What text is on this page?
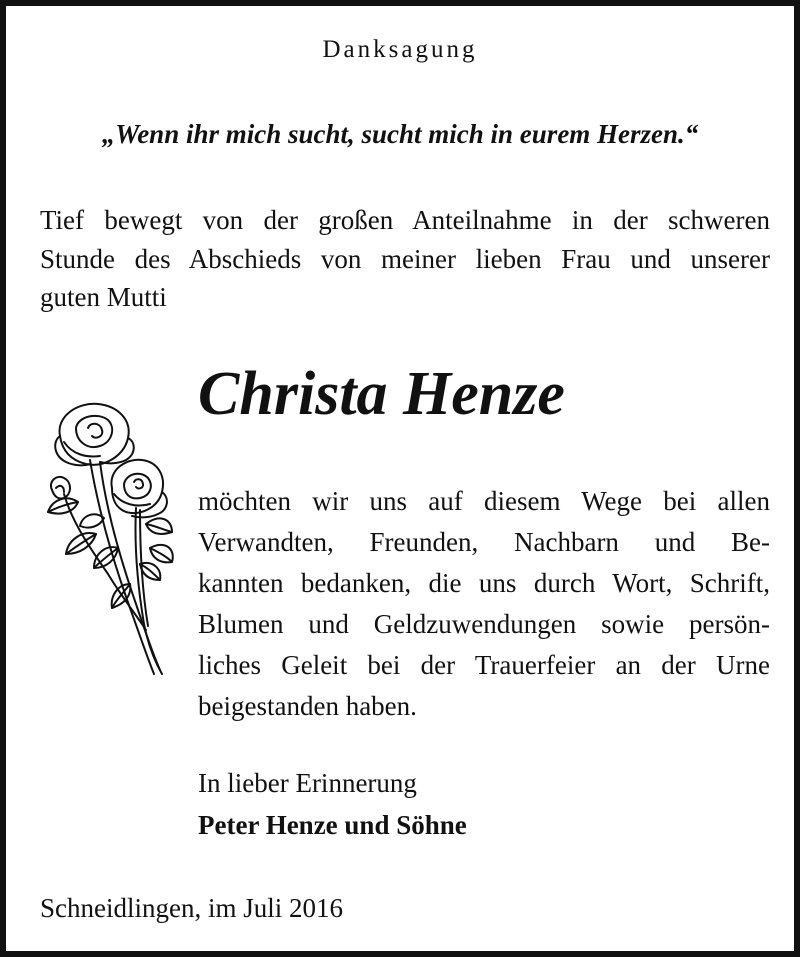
Danksagung
„Wenn ihr mich sucht, sucht mich in eurem Herzen.“
Tief bewegt von der großen Anteilnahme in der schweren
Stunde des Abschieds von meiner lieben Frau und unserer
guten Mutti
Christa Henze
möchten wir uns auf diesem Wege bei allen
Verwandten, Freunden, Nachbarn und Be-
kannten bedanken, die uns durch Wort, Schrift,
Blumen und Geldzuwendungen sowie persön-
liches Geleit bei der Trauerfeier an der Urne
beigestanden haben.
In lieber Erinnerung
Peter Henze und Söhne
Schneidlingen, im Juli 2016
